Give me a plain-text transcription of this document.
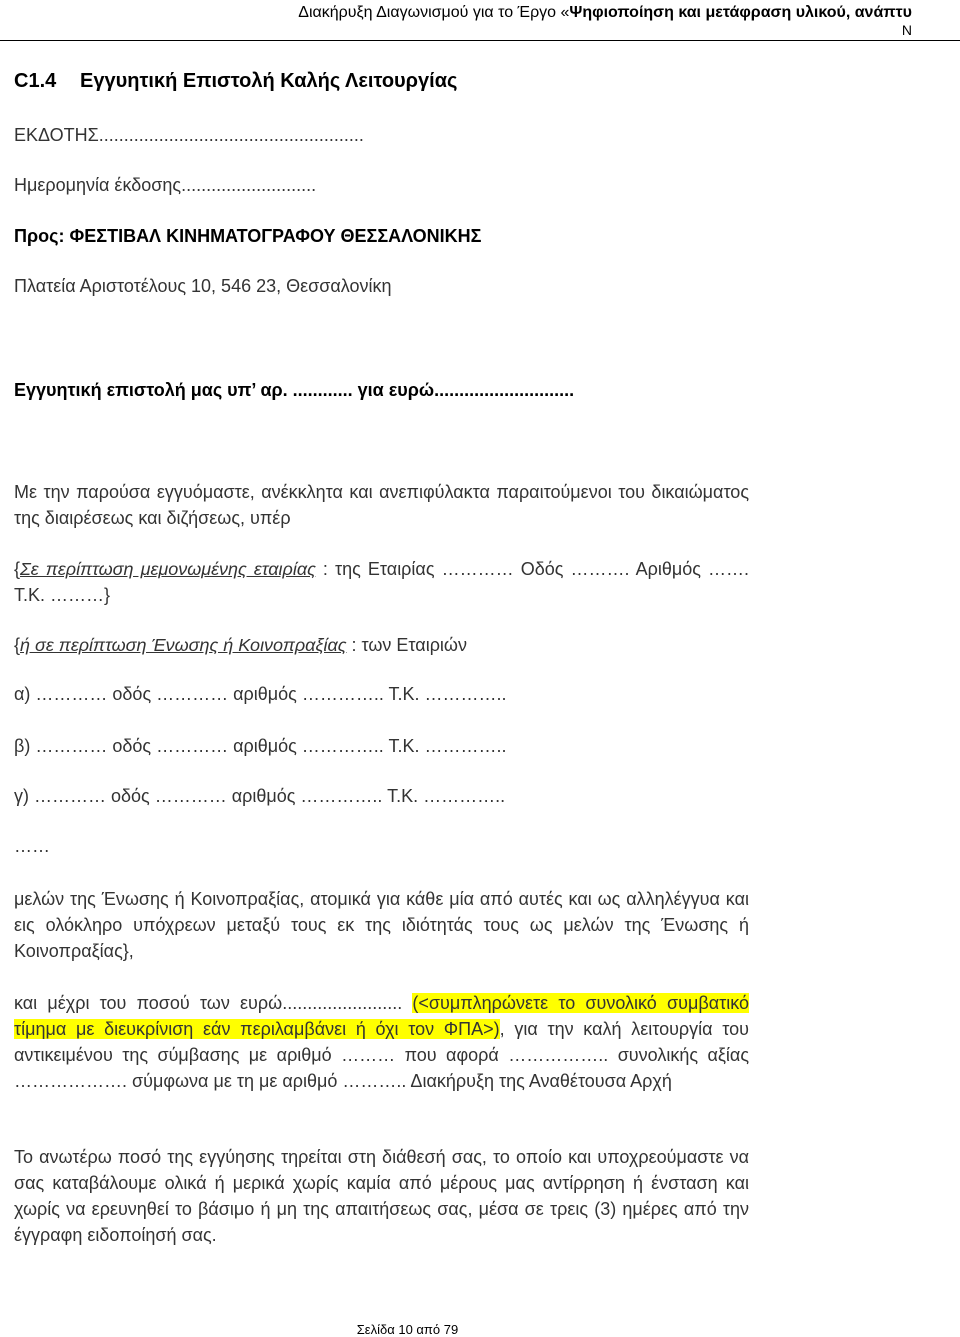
Διακήρυξη Διαγωνισμού για το Έργο «Ψηφιοποίηση και μετάφραση υλικού, ανάπτυ
Ν
C1.4 Εγγυητική Επιστολή Καλής Λειτουργίας
ΕΚΔΟΤΗΣ.....................................................
Ημερομηνία έκδοσης...........................
Προς: ΦΕΣΤΙΒΑΛ ΚΙΝΗΜΑΤΟΓΡΑΦΟΥ ΘΕΣΣΑΛΟΝΙΚΗΣ
Πλατεία Αριστοτέλους 10, 546 23, Θεσσαλονίκη
Εγγυητική επιστολή μας υπ’ αρ. ............ για ευρώ............................
Με την παρούσα εγγυόμαστε, ανέκκλητα και ανεπιφύλακτα παραιτούμενοι του δικαιώματος της διαιρέσεως και διζήσεως, υπέρ
{Σε περίπτωση μεμονωμένης εταιρίας : της Εταιρίας ………… Οδός ………. Αριθμός ……. Τ.Κ. ………}
{ή σε περίπτωση Ένωσης ή Κοινοπραξίας : των Εταιριών
α) ………… οδός ………… αριθμός ………….. Τ.Κ. …………..
β) ………… οδός ………… αριθμός ………….. Τ.Κ. …………..
γ) ………… οδός ………… αριθμός ………….. Τ.Κ. …………..
……
μελών της Ένωσης ή Κοινοπραξίας, ατομικά για κάθε μία από αυτές και ως αλληλέγγυα και εις ολόκληρο υπόχρεων μεταξύ τους εκ της ιδιότητάς τους ως μελών της Ένωσης ή Κοινοπραξίας},
και μέχρι του ποσού των ευρώ........................ (<συμπληρώνετε το συνολικό συμβατικό τίμημα με διευκρίνιση εάν περιλαμβάνει ή όχι τον ΦΠΑ>), για την καλή λειτουργία του αντικειμένου της σύμβασης με αριθμό ……… που αφορά …………….. συνολικής αξίας ………………. σύμφωνα με τη με αριθμό ……….. Διακήρυξη της Αναθέτουσα Αρχή
Το ανωτέρω ποσό της εγγύησης τηρείται στη διάθεσή σας, το οποίο και υποχρεούμαστε να σας καταβάλουμε ολικά ή μερικά χωρίς καμία από μέρους μας αντίρρηση ή ένσταση και χωρίς να ερευνηθεί το βάσιμο ή μη της απαιτήσεως σας, μέσα σε τρεις (3) ημέρες από την έγγραφη ειδοποίησή σας.
Σελίδα 10 από 79
